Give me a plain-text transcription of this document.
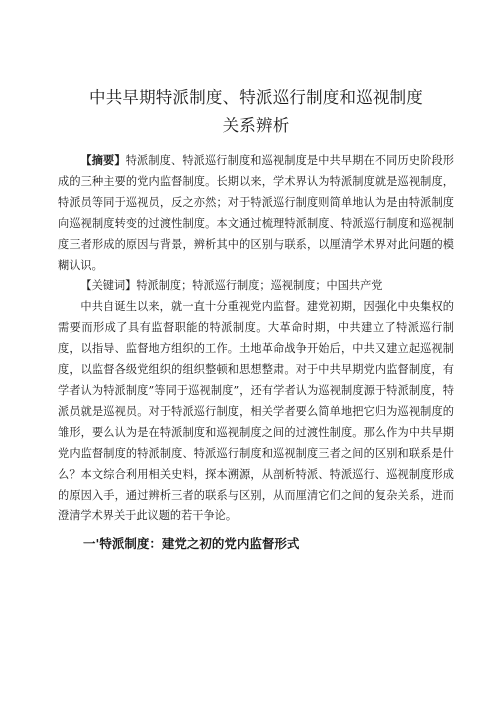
中共早期特派制度、特派巡行制度和巡视制度
关系辨析

【摘要】特派制度、特派巡行制度和巡视制度是中共早期在不同历史阶段形成的三种主要的党内监督制度。长期以来，学术界认为特派制度就是巡视制度，特派员等同于巡视员，反之亦然；对于特派巡行制度则简单地认为是由特派制度向巡视制度转变的过渡性制度。本文通过梳理特派制度、特派巡行制度和巡视制度三者形成的原因与背景，辨析其中的区别与联系，以厘清学术界对此问题的模糊认识。

【关键词】特派制度；特派巡行制度；巡视制度；中国共产党

中共自诞生以来，就一直十分重视党内监督。建党初期，因强化中央集权的需要而形成了具有监督职能的特派制度。大革命时期，中共建立了特派巡行制度，以指导、监督地方组织的工作。土地革命战争开始后，中共又建立起巡视制度，以监督各级党组织的组织整顿和思想整肃。对于中共早期党内监督制度，有学者认为特派制度”等同于巡视制度”，还有学者认为巡视制度源于特派制度，特派员就是巡视员。对于特派巡行制度，相关学者要么简单地把它归为巡视制度的雏形，要么认为是在特派制度和巡视制度之间的过渡性制度。那么作为中共早期党内监督制度的特派制度、特派巡行制度和巡视制度三者之间的区别和联系是什么？本文综合利用相关史料，探本溯源，从剖析特派、特派巡行、巡视制度形成的原因入手，通过辨析三者的联系与区别，从而厘清它们之间的复杂关系，进而澄清学术界关于此议题的若干争论。

一'特派制度：建党之初的党内监督形式
